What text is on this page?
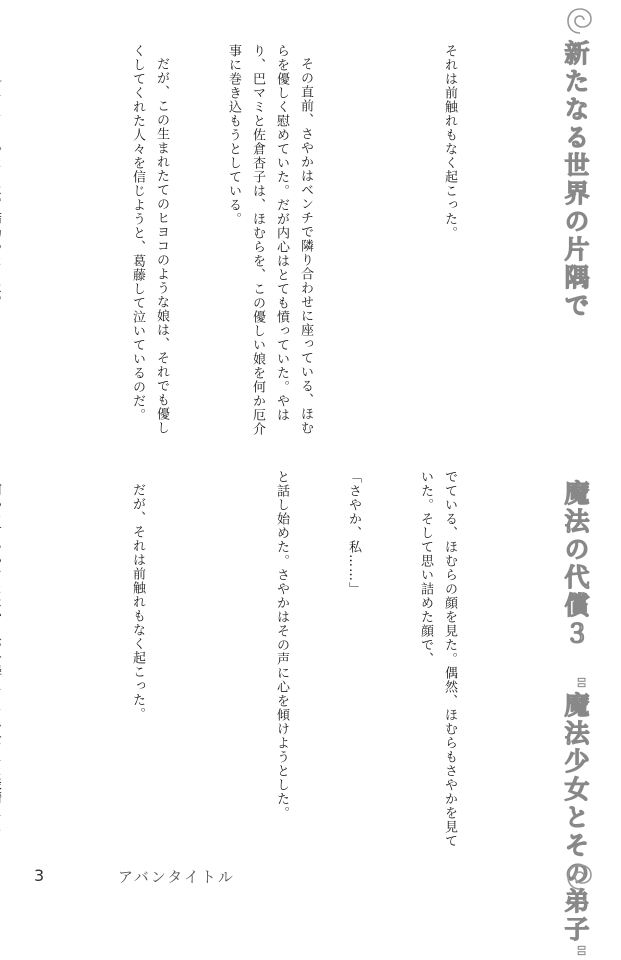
新たなる世界の片隅で

それは前触れもなく起こった。

その直前、さやかはベンチで隣り合わせに座っている、ほむらを優しく慰めていた。だが内心はとても憤っていた。やはり、巴マミと佐倉杏子は、ほむらを、この優しい娘を何か厄介事に巻き込もうとしている。

だが、この生まれたてのヒヨコのような娘は、それでも優しくしてくれた人々を信じようと、葛藤して泣いているのだ。

でている、ほむらの顔を見た。偶然、ほむらもさやかを見ていた。そして思い詰めた顔で、

「さやか、私……」

と話し始めた。さやかはその声に心を傾けようとした。

だが、それは前触れもなく起こった。

	魔法の代償３　"魔法少女とその弟子"
3	アバンタイトル
